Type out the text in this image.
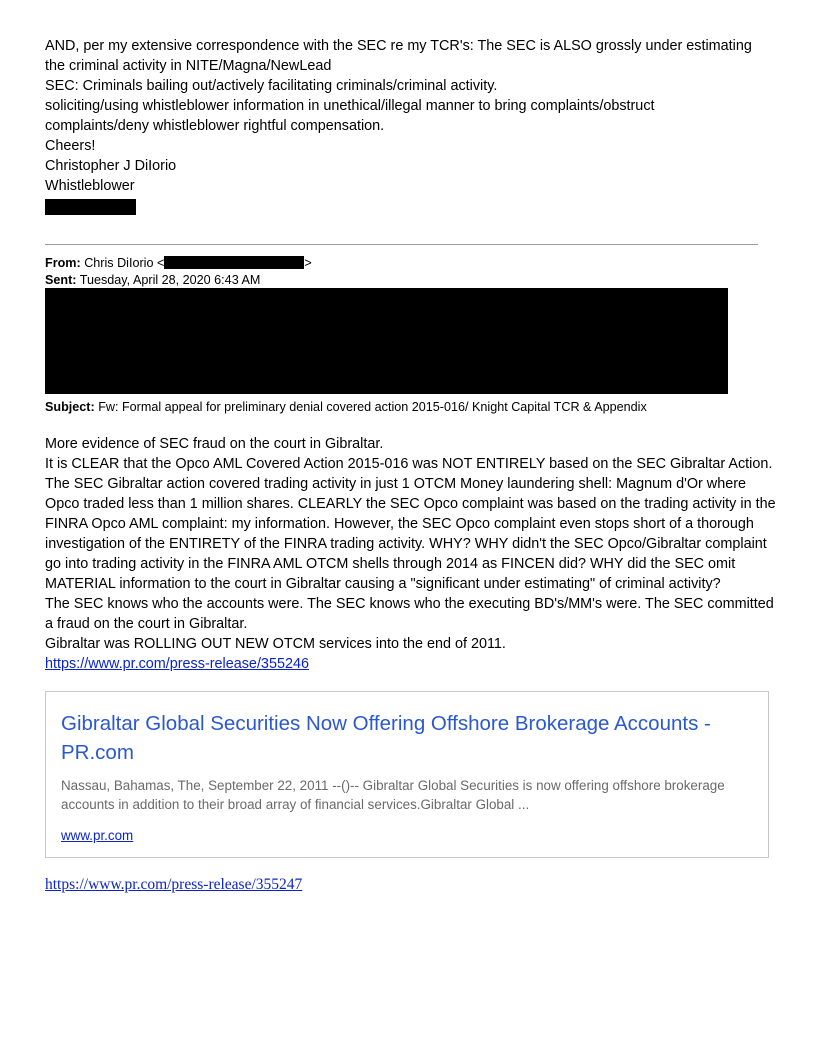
AND, per my extensive correspondence with the SEC re my TCR's: The SEC is ALSO grossly under estimating the criminal activity in NITE/Magna/NewLead
SEC: Criminals bailing out/actively facilitating criminals/criminal activity.
soliciting/using whistleblower information in unethical/illegal manner to bring complaints/obstruct complaints/deny whistleblower rightful compensation.
Cheers!
Christopher J DiIorio
Whistleblower
From: Chris DiIorio <	>
Sent: Tuesday, April 28, 2020 6:43 AM
Subject: Fw: Formal appeal for preliminary denial covered action 2015-016/ Knight Capital TCR & Appendix
More evidence of SEC fraud on the court in Gibraltar.
It is CLEAR that the Opco AML Covered Action 2015-016 was NOT ENTIRELY based on the SEC Gibraltar Action. The SEC Gibraltar action covered trading activity in just 1 OTCM Money laundering shell: Magnum d'Or where Opco traded less than 1 million shares. CLEARLY the SEC Opco complaint was based on the trading activity in the FINRA Opco AML complaint: my information. However, the SEC Opco complaint even stops short of a thorough investigation of the ENTIRETY of the FINRA trading activity. WHY? WHY didn't the SEC Opco/Gibraltar complaint go into trading activity in the FINRA AML OTCM shells through 2014 as FINCEN did? WHY did the SEC omit MATERIAL information to the court in Gibraltar causing a "significant under estimating" of criminal activity?
The SEC knows who the accounts were. The SEC knows who the executing BD's/MM's were. The SEC committed a fraud on the court in Gibraltar.
Gibraltar was ROLLING OUT NEW OTCM services into the end of 2011.
https://www.pr.com/press-release/355246
Gibraltar Global Securities Now Offering Offshore Brokerage Accounts - PR.com
Nassau, Bahamas, The, September 22, 2011 --()-- Gibraltar Global Securities is now offering offshore brokerage accounts in addition to their broad array of financial services.Gibraltar Global ...
www.pr.com
https://www.pr.com/press-release/355247
